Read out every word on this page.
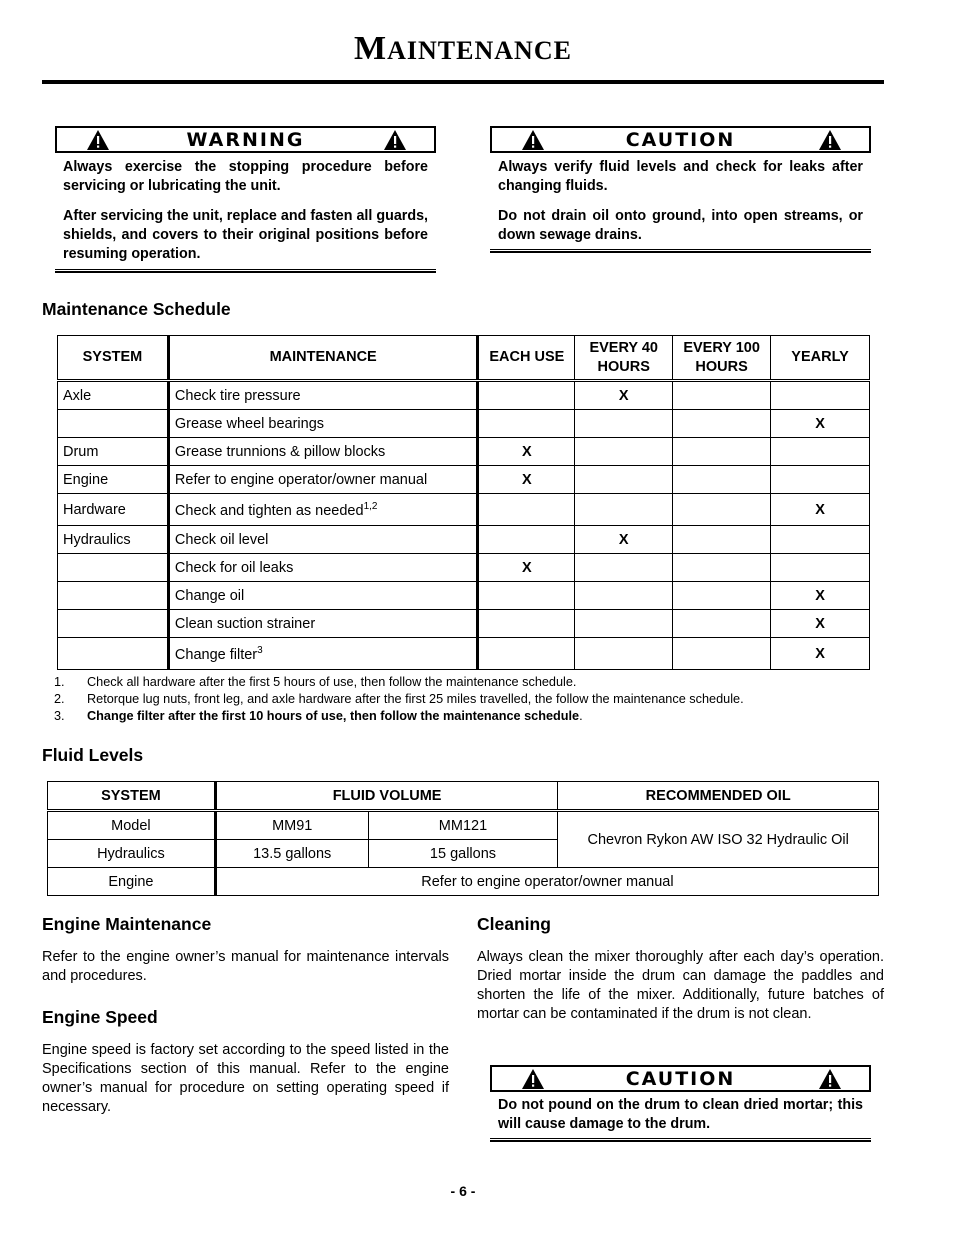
MAINTENANCE
WARNING

Always exercise the stopping procedure before servicing or lubricating the unit.

After servicing the unit, replace and fasten all guards, shields, and covers to their original positions before resuming operation.

CAUTION

Always verify fluid levels and check for leaks after changing fluids.

Do not drain oil onto ground, into open streams, or down sewage drains.

Maintenance Schedule
SYSTEM	MAINTENANCE	EACH USE	EVERY 40 HOURS	EVERY 100 HOURS	YEARLY
Axle	Check tire pressure		X		
	Grease wheel bearings				X
Drum	Grease trunnions & pillow blocks	X			
Engine	Refer to engine operator/owner manual	X			
Hardware	Check and tighten as needed$^{1,2}$				X
Hydraulics	Check oil level		X		
	Check for oil leaks	X			
	Change oil				X
	Clean suction strainer				X
	Change filter$^3$				X
1.	Check all hardware after the first 5 hours of use, then follow the maintenance schedule.
2.	Retorque lug nuts, front leg, and axle hardware after the first 25 miles travelled, the follow the maintenance schedule.
3.	Change filter after the first 10 hours of use, then follow the maintenance schedule.
Fluid Levels
SYSTEM	FLUID VOLUME		RECOMMENDED OIL
Model	MM91	MM121	Chevron Rykon AW ISO 32 Hydraulic Oil
Hydraulics	13.5 gallons	15 gallons	
Engine	Refer to engine operator/owner manual		
Engine Maintenance
Refer to the engine owner’s manual for maintenance intervals and procedures.
Engine Speed
Engine speed is factory set according to the speed listed in the Specifications section of this manual. Refer to the engine owner’s manual for procedure on setting operating speed if necessary.
Cleaning
Always clean the mixer thoroughly after each day’s operation. Dried mortar inside the drum can damage the paddles and shorten the life of the mixer. Additionally, future batches of mortar can be contaminated if the drum is not clean.
CAUTION

Do not pound on the drum to clean dried mortar; this will cause damage to the drum.

- 6 -
